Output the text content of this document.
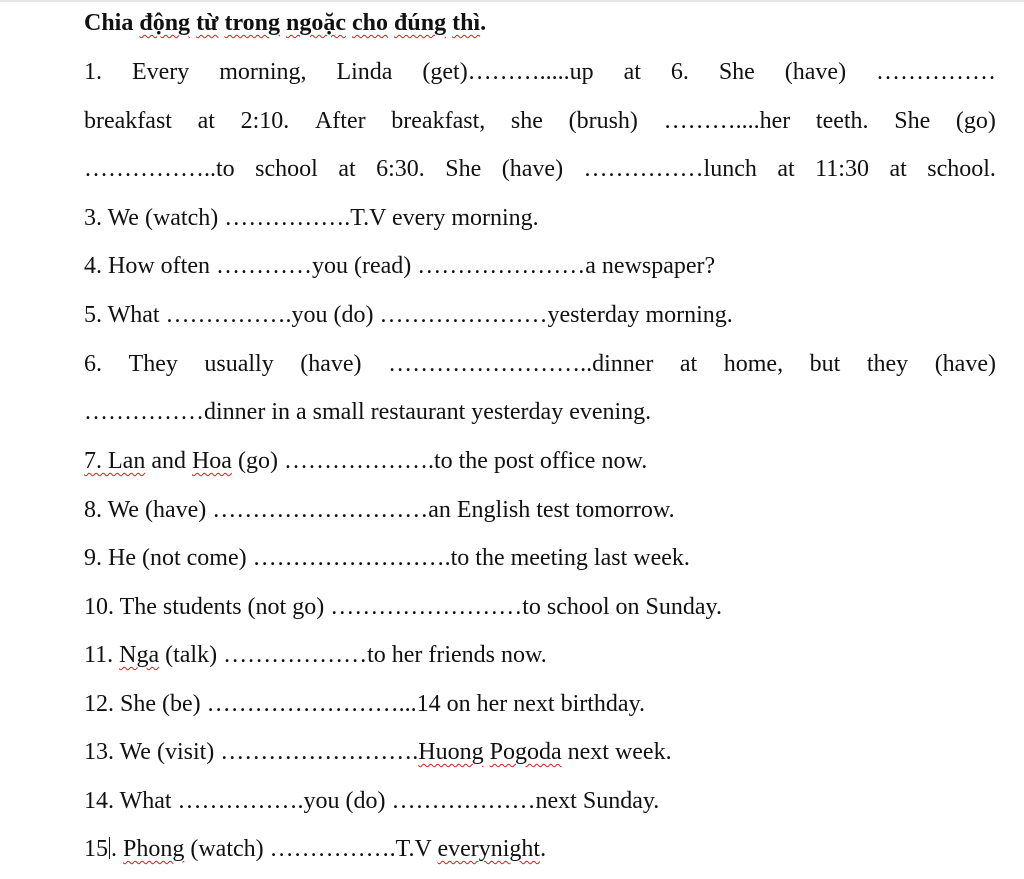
Chia động từ trong ngoặc cho đúng thì.
1. Every morning, Linda (get)……….....up at 6. She (have) ……………
breakfast at 2:10. After breakfast, she (brush) ………....her teeth. She (go)
……………..to school at 6:30. She (have) ……………lunch at 11:30 at school.
3. We (watch) …………….T.V every morning.
4. How often …………you (read) …………………a newspaper?
5. What …………….you (do) …………………yesterday morning.
6. They usually (have) ……………………..dinner at home, but they (have)
……………dinner in a small restaurant yesterday evening.
7. Lan and Hoa (go) ……………….to the post office now.
8. We (have) ………………………an English test tomorrow.
9. He (not come) …………………….to the meeting last week.
10. The students (not go) ……………………to school on Sunday.
11. Nga (talk) ………………to her friends now.
12. She (be) ……………………...14 on her next birthday.
13. We (visit) …………………….Huong Pogoda next week.
14. What …………….you (do) ………………next Sunday.
15 . Phong (watch) …………….T.V everynight.
